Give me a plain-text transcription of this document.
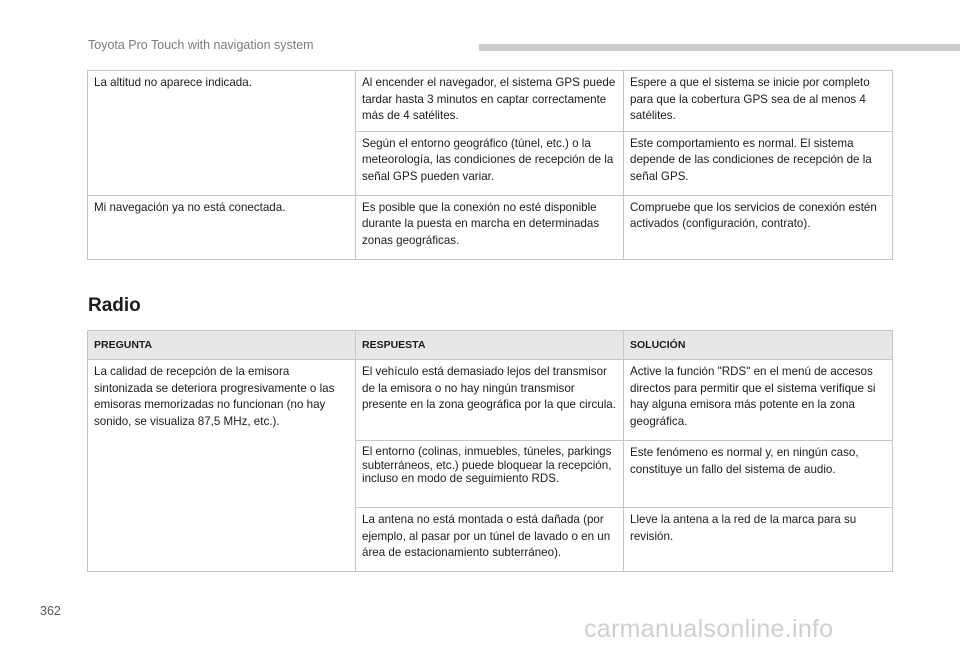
Toyota Pro Touch with navigation system
La altitud no aparece indicada.	Al encender el navegador, el sistema GPS puede tardar hasta 3 minutos en captar correctamente más de 4 satélites.	Espere a que el sistema se inicie por completo para que la cobertura GPS sea de al menos 4 satélites.
	Según el entorno geográfico (túnel, etc.) o la meteorología, las condiciones de recepción de la señal GPS pueden variar.	Este comportamiento es normal. El sistema depende de las condiciones de recepción de la señal GPS.
Mi navegación ya no está conectada.	Es posible que la conexión no esté disponible durante la puesta en marcha en determinadas zonas geográficas.	Compruebe que los servicios de conexión estén activados (configuración, contrato).
Radio
PREGUNTA	RESPUESTA	SOLUCIÓN
La calidad de recepción de la emisora sintonizada se deteriora progresivamente o las emisoras memorizadas no funcionan (no hay sonido, se visualiza 87,5 MHz, etc.).	El vehículo está demasiado lejos del transmisor de la emisora o no hay ningún transmisor presente en la zona geográfica por la que circula.	Active la función "RDS" en el menú de accesos directos para permitir que el sistema verifique si hay alguna emisora más potente en la zona geográfica.
	El entorno (colinas, inmuebles, túneles, parkings subterráneos, etc.) puede bloquear la recepción, incluso en modo de seguimiento RDS.	Este fenómeno es normal y, en ningún caso, constituye un fallo del sistema de audio.
	La antena no está montada o está dañada (por ejemplo, al pasar por un túnel de lavado o en un área de estacionamiento subterráneo).	Lleve la antena a la red de la marca para su revisión.
362
carmanualsonline.info
